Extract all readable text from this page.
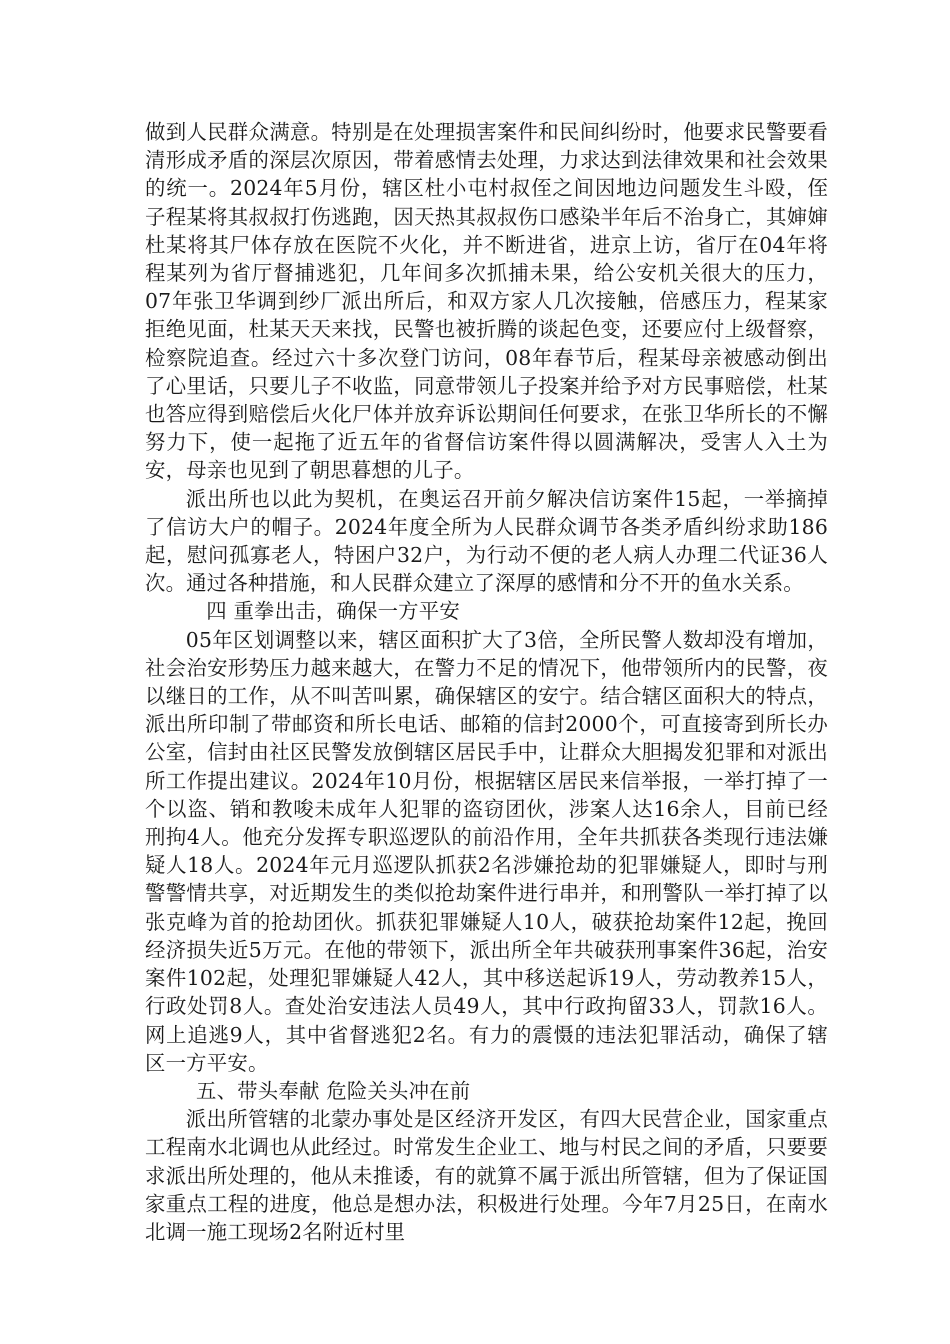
做到人民群众满意。特别是在处理损害案件和民间纠纷时，他要求民警要看清形成矛盾的深层次原因，带着感情去处理，力求达到法律效果和社会效果的统一。2024年5月份，辖区杜小屯村叔侄之间因地边问题发生斗殴，侄子程某将其叔叔打伤逃跑，因天热其叔叔伤口感染半年后不治身亡，其婶婶杜某将其尸体存放在医院不火化，并不断进省，进京上访，省厅在04年将程某列为省厅督捕逃犯，几年间多次抓捕未果，给公安机关很大的压力，07年张卫华调到纱厂派出所后，和双方家人几次接触，倍感压力，程某家拒绝见面，杜某天天来找，民警也被折腾的谈起色变，还要应付上级督察，检察院追查。经过六十多次登门访问，08年春节后，程某母亲被感动倒出了心里话，只要儿子不收监，同意带领儿子投案并给予对方民事赔偿，杜某也答应得到赔偿后火化尸体并放弃诉讼期间任何要求，在张卫华所长的不懈努力下，使一起拖了近五年的省督信访案件得以圆满解决，受害人入土为安，母亲也见到了朝思暮想的儿子。

派出所也以此为契机，在奥运召开前夕解决信访案件15起，一举摘掉了信访大户的帽子。2024年度全所为人民群众调节各类矛盾纠纷求助186起，慰问孤寡老人，特困户32户，为行动不便的老人病人办理二代证36人次。通过各种措施，和人民群众建立了深厚的感情和分不开的鱼水关系。

四 重拳出击，确保一方平安

05年区划调整以来，辖区面积扩大了3倍，全所民警人数却没有增加，社会治安形势压力越来越大，在警力不足的情况下，他带领所内的民警，夜以继日的工作，从不叫苦叫累，确保辖区的安宁。结合辖区面积大的特点，派出所印制了带邮资和所长电话、邮箱的信封2000个，可直接寄到所长办公室，信封由社区民警发放倒辖区居民手中，让群众大胆揭发犯罪和对派出所工作提出建议。2024年10月份，根据辖区居民来信举报，一举打掉了一个以盗、销和教唆未成年人犯罪的盗窃团伙，涉案人达16余人，目前已经刑拘4人。他充分发挥专职巡逻队的前沿作用，全年共抓获各类现行违法嫌疑人18人。2024年元月巡逻队抓获2名涉嫌抢劫的犯罪嫌疑人，即时与刑警警情共享，对近期发生的类似抢劫案件进行串并，和刑警队一举打掉了以张克峰为首的抢劫团伙。抓获犯罪嫌疑人10人，破获抢劫案件12起，挽回经济损失近5万元。在他的带领下，派出所全年共破获刑事案件36起，治安案件102起，处理犯罪嫌疑人42人，其中移送起诉19人，劳动教养15人，行政处罚8人。查处治安违法人员49人，其中行政拘留33人，罚款16人。网上追逃9人，其中省督逃犯2名。有力的震慑的违法犯罪活动，确保了辖区一方平安。

五、带头奉献 危险关头冲在前

派出所管辖的北蒙办事处是区经济开发区，有四大民营企业，国家重点工程南水北调也从此经过。时常发生企业工、地与村民之间的矛盾，只要要求派出所处理的，他从未推诿，有的就算不属于派出所管辖，但为了保证国家重点工程的进度，他总是想办法，积极进行处理。今年7月25日，在南水北调一施工现场2名附近村里
